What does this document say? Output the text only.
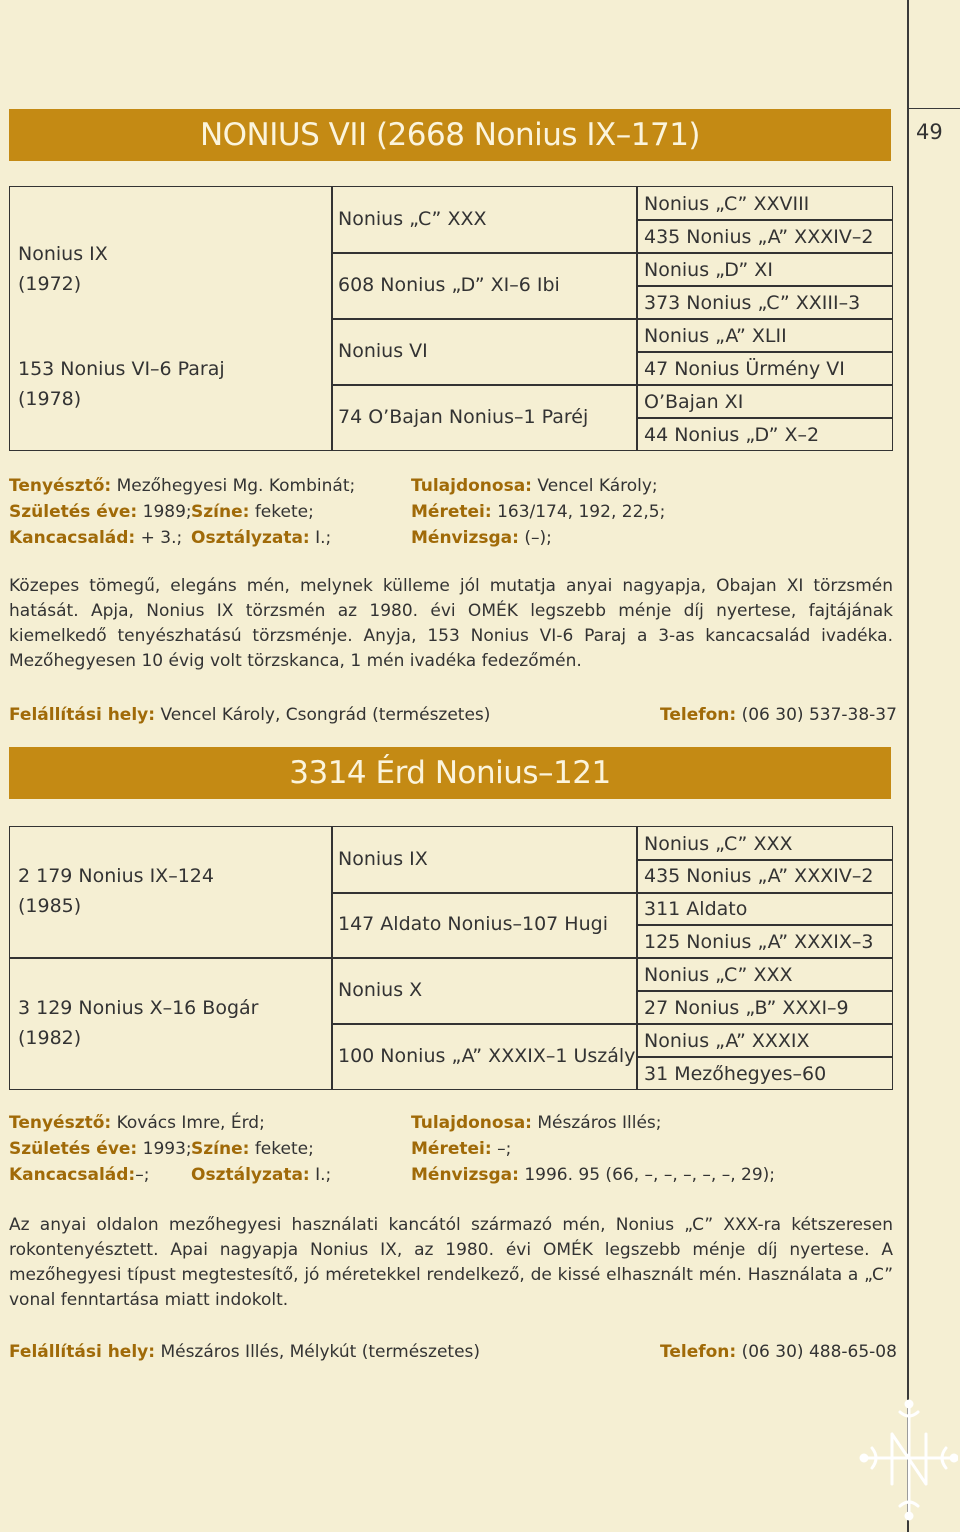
49
NONIUS VII (2668 Nonius IX–171)
Nonius IX
(1972)
153 Nonius VI–6 Paraj
(1978)
Nonius „C” XXX
608 Nonius „D” XI–6 Ibi
Nonius VI
74 O’Bajan Nonius–1 Paréj
Nonius „C” XXVIII
435 Nonius „A” XXXIV–2
Nonius „D” XI
373 Nonius „C” XXIII–3
Nonius „A” XLII
47 Nonius Ürmény VI
O’Bajan XI
44 Nonius „D” X–2
Tenyésztő: Mezőhegyesi Mg. Kombinát;
Születés éve: 1989; Színe: fekete;
Kancacsalád: + 3.; Osztályzata: I.;
Tulajdonosa: Vencel Károly;
Méretei: 163/174, 192, 22,5;
Ménvizsga: (–);
Közepes tömegű, elegáns mén, melynek külleme jól mutatja anyai nagyapja, Obajan XI törzsmén hatását. Apja, Nonius IX törzsmén az 1980. évi OMÉK legszebb ménje díj nyertese, fajtájának kiemelkedő tenyészhatású törzsménje. Anyja, 153 Nonius VI-6 Paraj a 3-as kancacsalád ivadéka. Mezőhegyesen 10 évig volt törzskanca, 1 mén ivadéka fedezőmén.
Felállítási hely: Vencel Károly, Csongrád (természetes)	Telefon: (06 30) 537-38-37
3314 Érd Nonius–121
2 179 Nonius IX–124
(1985)
3 129 Nonius X–16 Bogár
(1982)
Nonius IX
147 Aldato Nonius–107 Hugi
Nonius X
100 Nonius „A” XXXIX–1 Uszály
Nonius „C” XXX
435 Nonius „A” XXXIV–2
311 Aldato
125 Nonius „A” XXXIX–3
Nonius „C” XXX
27 Nonius „B” XXXI–9
Nonius „A” XXXIX
31 Mezőhegyes–60
Tenyésztő: Kovács Imre, Érd;
Születés éve: 1993; Színe: fekete;
Kancacsalád:–; Osztályzata: I.;
Tulajdonosa: Mészáros Illés;
Méretei: –;
Ménvizsga: 1996. 95 (66, –, –, –, –, –, 29);
Az anyai oldalon mezőhegyesi használati kancától származó mén, Nonius „C” XXX-ra kétszeresen rokontenyésztett. Apai nagyapja Nonius IX, az 1980. évi OMÉK legszebb ménje díj nyertese. A mezőhegyesi típust megtestesítő, jó méretekkel rendelkező, de kissé elhasznált mén. Használata a „C” vonal fenntartása miatt indokolt.
Felállítási hely: Mészáros Illés, Mélykút (természetes)	Telefon: (06 30) 488-65-08
